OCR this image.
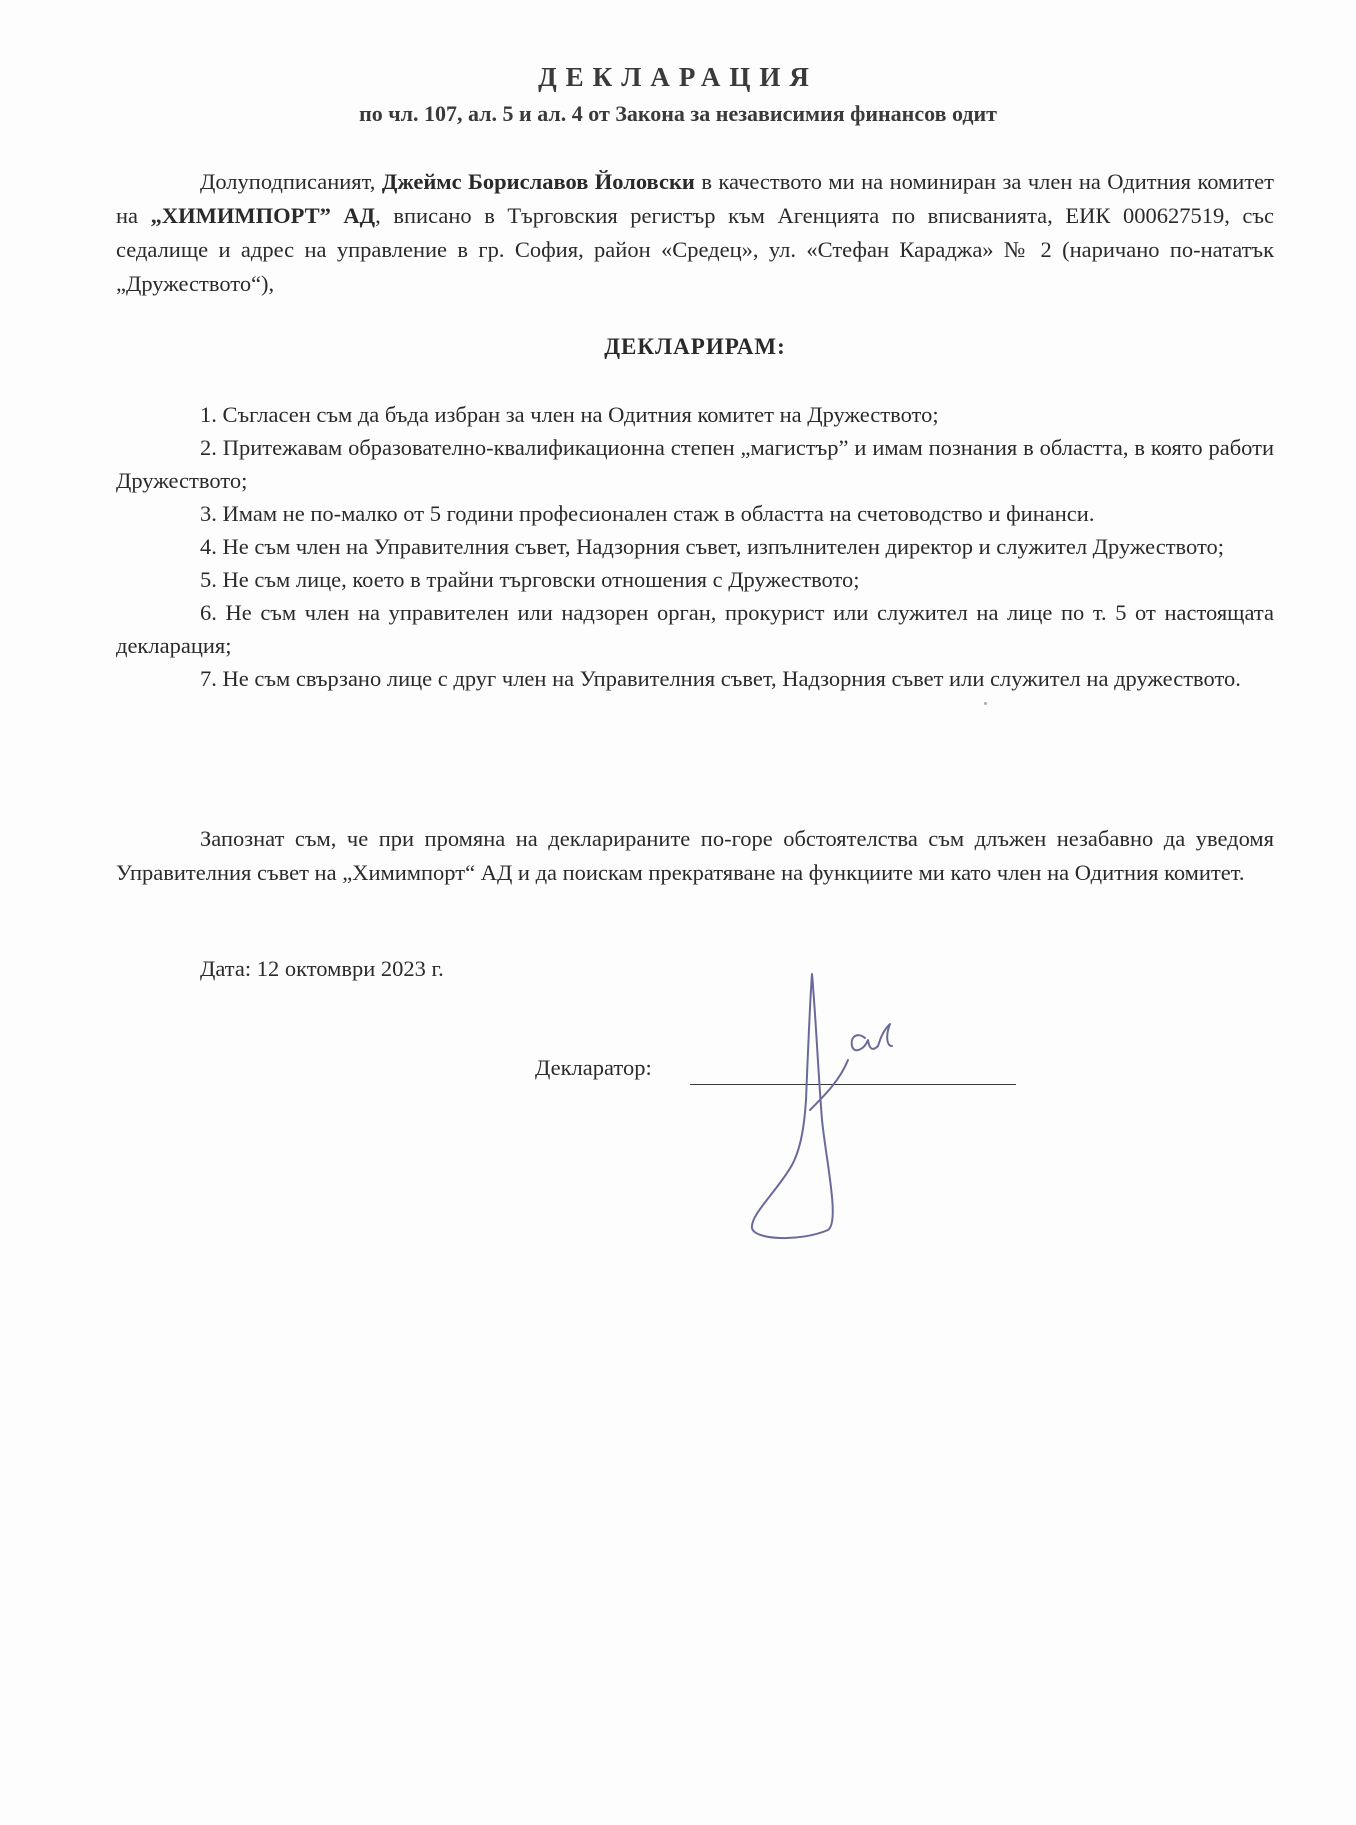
ДЕКЛАРАЦИЯ
по чл. 107, ал. 5 и ал. 4 от Закона за независимия финансов одит

Долуподписаният, Джеймс Бориславов Йоловски в качеството ми на номиниран за член на Одитния комитет на „ХИМИМПОРТ” АД, вписано в Търговския регистър към Агенцията по вписванията, ЕИК 000627519, със седалище и адрес на управление в гр. София, район «Средец», ул. «Стефан Караджа» № 2 (наричано по-нататък „Дружеството“),

ДЕКЛАРИРАМ:

1. Съгласен съм да бъда избран за член на Одитния комитет на Дружеството;

2. Притежавам образователно-квалификационна степен „магистър” и имам познания в областта, в която работи Дружеството;

3. Имам не по-малко от 5 години професионален стаж в областта на счетоводство и финанси.

4. Не съм член на Управителния съвет, Надзорния съвет, изпълнителен директор и служител Дружеството;

5. Не съм лице, което в трайни търговски отношения с Дружеството;

6. Не съм член на управителен или надзорен орган, прокурист или служител на лице по т. 5 от настоящата декларация;

7. Не съм свързано лице с друг член на Управителния съвет, Надзорния съвет или служител на дружеството.

Запознат съм, че при промяна на декларираните по-горе обстоятелства съм длъжен незабавно да уведомя Управителния съвет на „Химимпорт“ АД и да поискам прекратяване на функциите ми като член на Одитния комитет.

Дата: 12 октомври 2023 г.
Декларатор:
